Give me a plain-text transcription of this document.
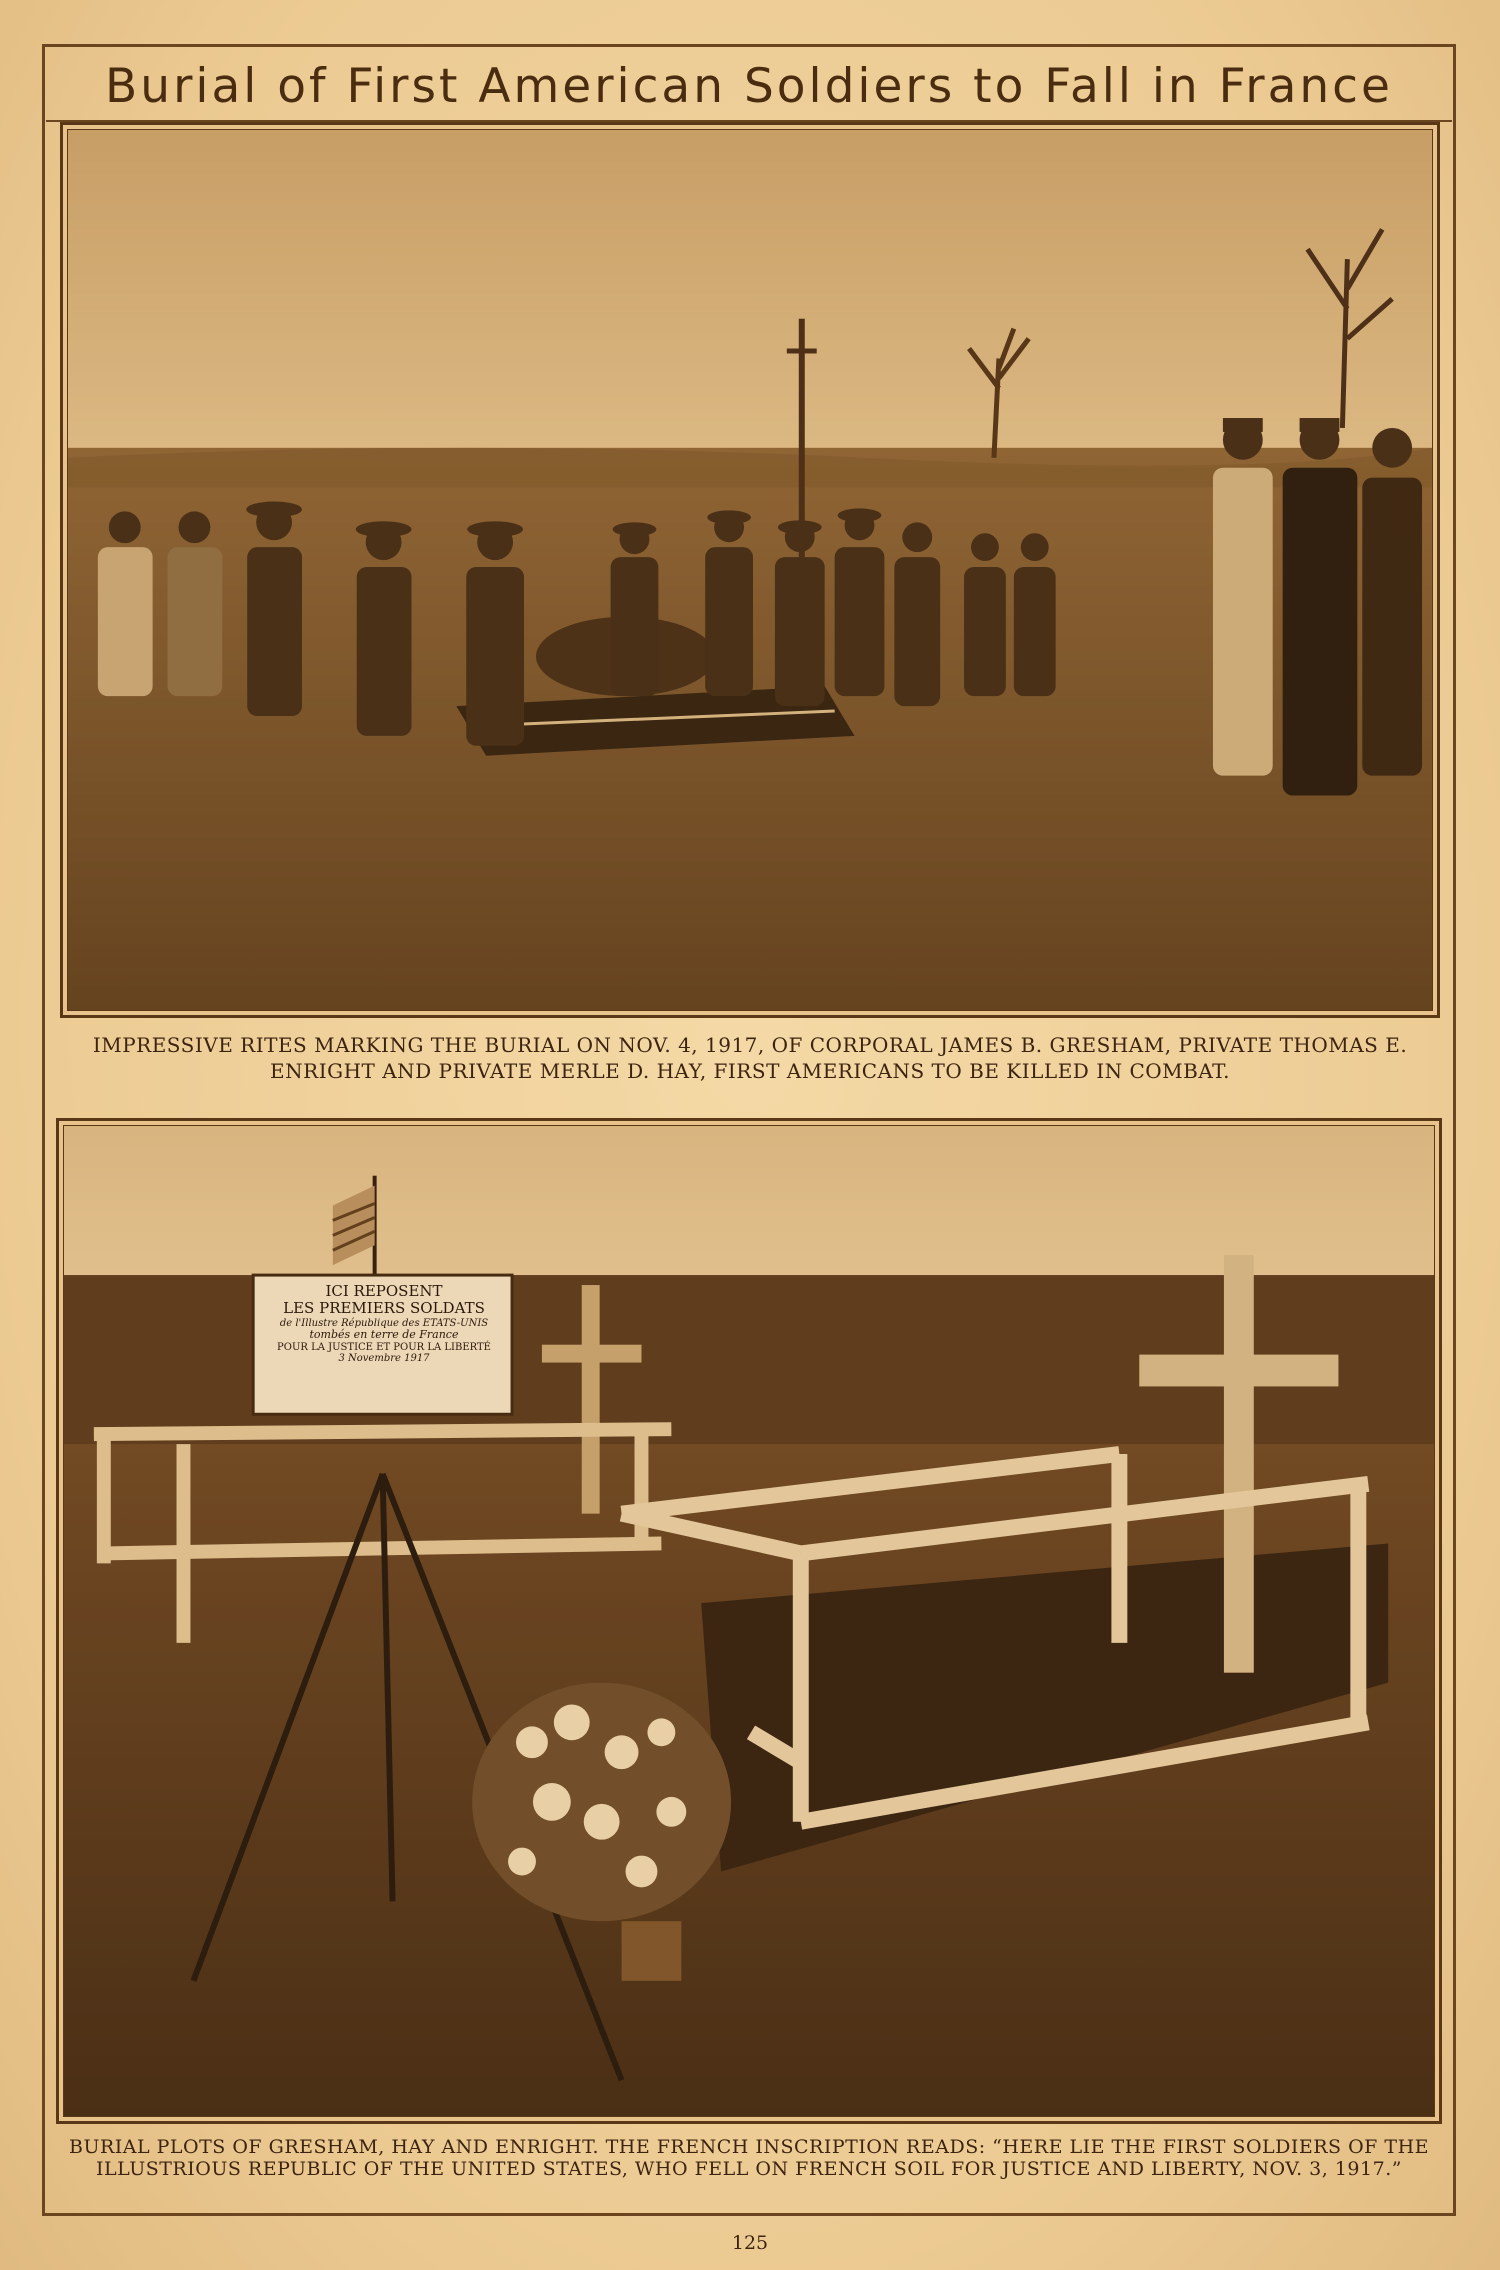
Burial of First American Soldiers to Fall in France
IMPRESSIVE RITES MARKING THE BURIAL ON NOV. 4, 1917, OF CORPORAL JAMES B. GRESHAM, PRIVATE THOMAS E. ENRIGHT AND PRIVATE MERLE D. HAY, FIRST AMERICANS TO BE KILLED IN COMBAT.
ICI REPOSENT
LES PREMIERS SOLDATS
de l'Illustre République des ETATS-UNIS
tombés en terre de France
POUR LA JUSTICE ET POUR LA LIBERTÉ
3 Novembre 1917
BURIAL PLOTS OF GRESHAM, HAY AND ENRIGHT. THE FRENCH INSCRIPTION READS: “HERE LIE THE FIRST SOLDIERS OF THE ILLUSTRIOUS REPUBLIC OF THE UNITED STATES, WHO FELL ON FRENCH SOIL FOR JUSTICE AND LIBERTY, NOV. 3, 1917.”
125
